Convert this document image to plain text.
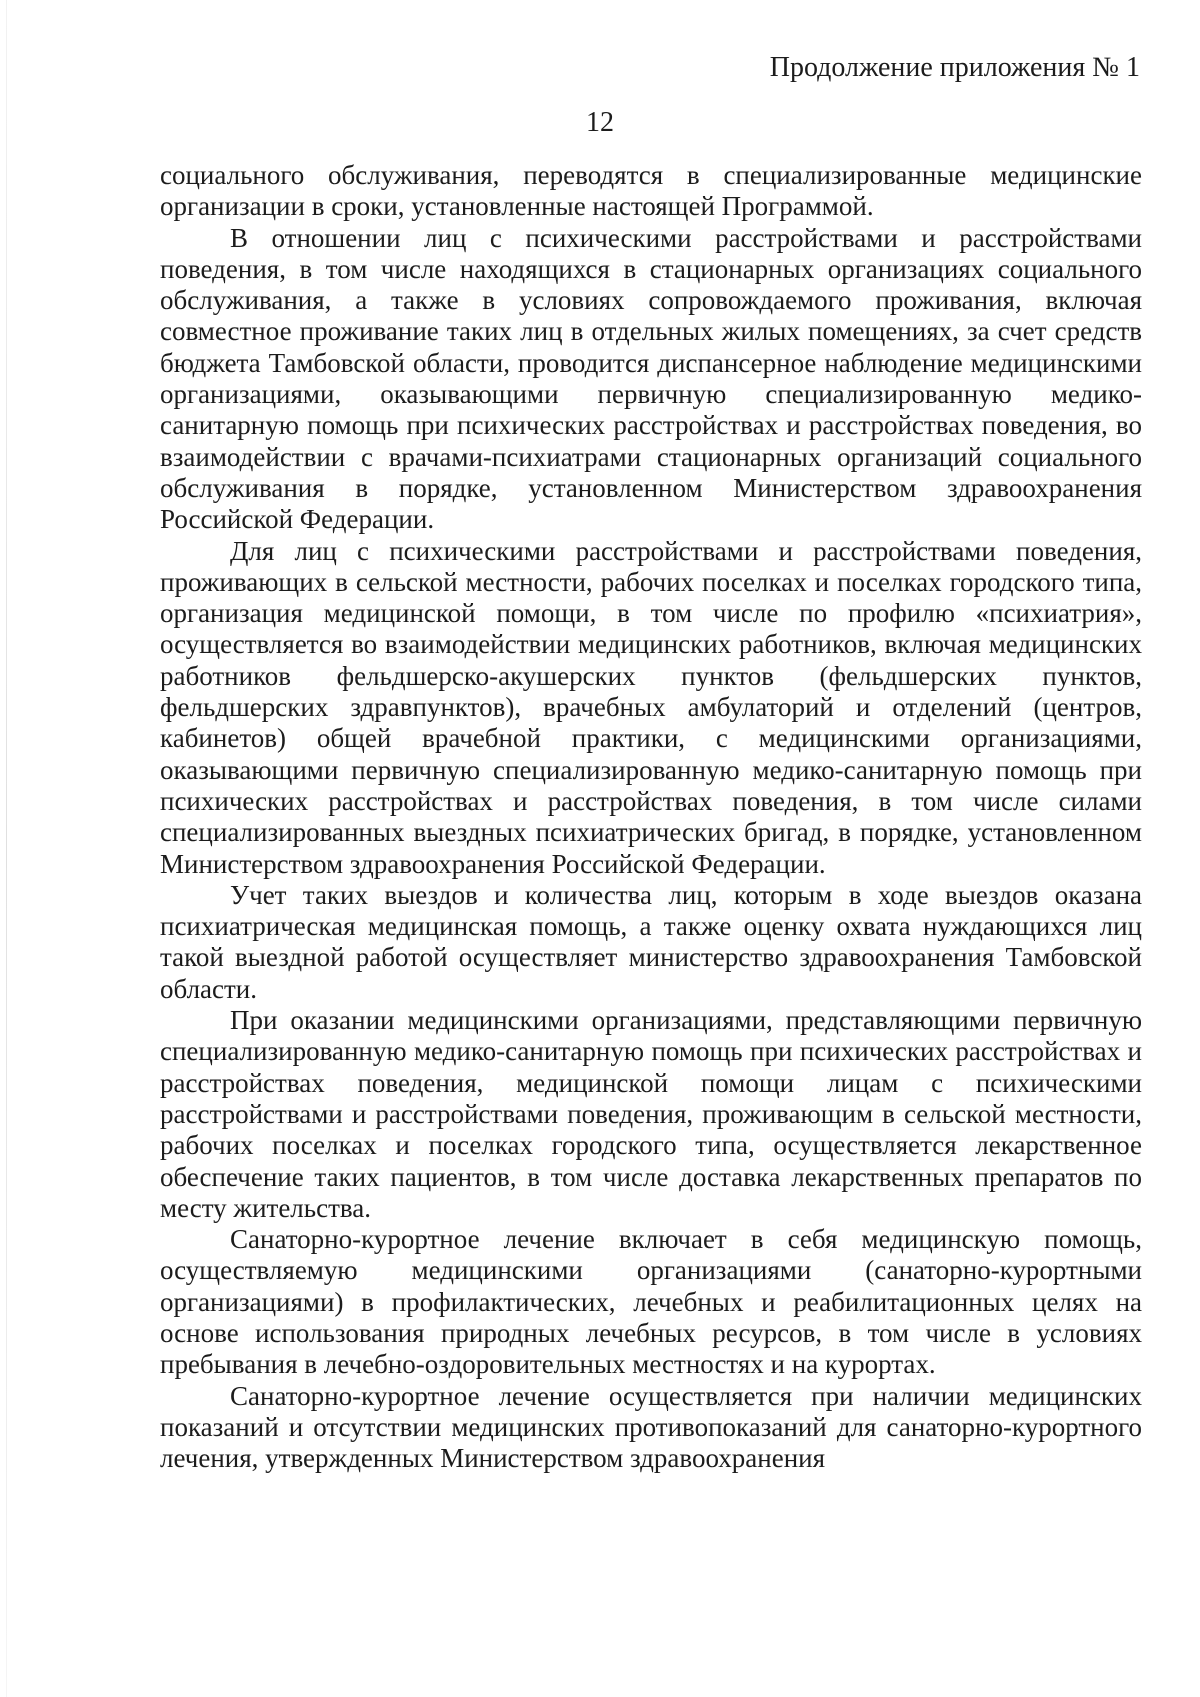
Продолжение приложения № 1
12

социального обслуживания, переводятся в специализированные медицинские организации в сроки, установленные настоящей Программой.

В отношении лиц с психическими расстройствами и расстройствами поведения, в том числе находящихся в стационарных организациях социального обслуживания, а также в условиях сопровождаемого проживания, включая совместное проживание таких лиц в отдельных жилых помещениях, за счет средств бюджета Тамбовской области, проводится диспансерное наблюдение медицинскими организациями, оказывающими первичную специализированную медико-санитарную помощь при психических расстройствах и расстройствах поведения, во взаимодействии с врачами-психиатрами стационарных организаций социального обслуживания в порядке, установленном Министерством здравоохранения Российской Федерации.

Для лиц с психическими расстройствами и расстройствами поведения, проживающих в сельской местности, рабочих поселках и поселках городского типа, организация медицинской помощи, в том числе по профилю «психиатрия», осуществляется во взаимодействии медицинских работников, включая медицинских работников фельдшерско-акушерских пунктов (фельдшерских пунктов, фельдшерских здравпунктов), врачебных амбулаторий и отделений (центров, кабинетов) общей врачебной практики, с медицинскими организациями, оказывающими первичную специализированную медико-санитарную помощь при психических расстройствах и расстройствах поведения, в том числе силами специализированных выездных психиатрических бригад, в порядке, установленном Министерством здравоохранения Российской Федерации.

Учет таких выездов и количества лиц, которым в ходе выездов оказана психиатрическая медицинская помощь, а также оценку охвата нуждающихся лиц такой выездной работой осуществляет министерство здравоохранения Тамбовской области.

При оказании медицинскими организациями, представляющими первичную специализированную медико-санитарную помощь при психических расстройствах и расстройствах поведения, медицинской помощи лицам с психическими расстройствами и расстройствами поведения, проживающим в сельской местности, рабочих поселках и поселках городского типа, осуществляется лекарственное обеспечение таких пациентов, в том числе доставка лекарственных препаратов по месту жительства.

Санаторно-курортное лечение включает в себя медицинскую помощь, осуществляемую медицинскими организациями (санаторно-курортными организациями) в профилактических, лечебных и реабилитационных целях на основе использования природных лечебных ресурсов, в том числе в условиях пребывания в лечебно-оздоровительных местностях и на курортах.

Санаторно-курортное лечение осуществляется при наличии медицинских показаний и отсутствии медицинских противопоказаний для санаторно-курортного лечения, утвержденных Министерством здравоохранения
